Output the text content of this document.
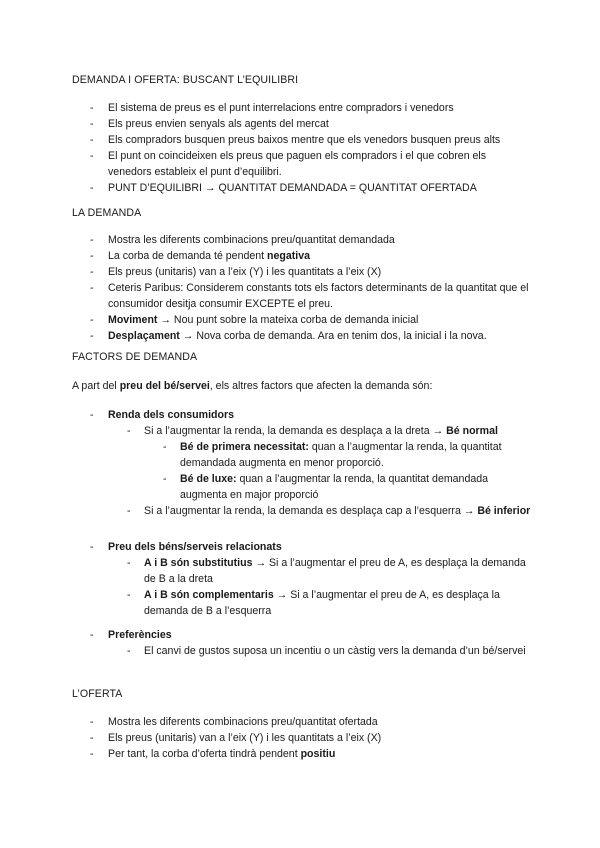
DEMANDA I OFERTA: BUSCANT L’EQUILIBRI
- El sistema de preus es el punt interrelacions entre compradors i venedors
- Els preus envien senyals als agents del mercat
- Els compradors busquen preus baixos mentre que els venedors busquen preus alts
- El punt on coincideixen els preus que paguen els compradors i el que cobren els venedors estableix el punt d’equilibri.
- PUNT D’EQUILIBRI → QUANTITAT DEMANDADA = QUANTITAT OFERTADA
LA DEMANDA
- Mostra les diferents combinacions preu/quantitat demandada
- La corba de demanda té pendent negativa
- Els preus (unitaris) van a l’eix (Y) i les quantitats a l’eix (X)
- Ceteris Paribus: Considerem constants tots els factors determinants de la quantitat que el consumidor desitja consumir EXCEPTE el preu.
- Moviment → Nou punt sobre la mateixa corba de demanda inicial
- Desplaçament → Nova corba de demanda. Ara en tenim dos, la inicial i la nova.
FACTORS DE DEMANDA
A part del preu del bé/servei, els altres factors que afecten la demanda són:
- Renda dels consumidors
- Si a l’augmentar la renda, la demanda es desplaça a la dreta → Bé normal
- Bé de primera necessitat: quan a l’augmentar la renda, la quantitat demandada augmenta en menor proporció.
- Bé de luxe: quan a l’augmentar la renda, la quantitat demandada augmenta en major proporció
- Si a l’augmentar la renda, la demanda es desplaça cap a l’esquerra → Bé inferior
- Preu dels béns/serveis relacionats
- A i B són substitutius → Si a l’augmentar el preu de A, es desplaça la demanda de B a la dreta
- A i B són complementaris → Si a l’augmentar el preu de A, es desplaça la demanda de B a l’esquerra
- Preferències
- El canvi de gustos suposa un incentiu o un càstig vers la demanda d’un bé/servei
L’OFERTA
- Mostra les diferents combinacions preu/quantitat ofertada
- Els preus (unitaris) van a l’eix (Y) i les quantitats a l’eix (X)
- Per tant, la corba d’oferta tindrà pendent positiu
